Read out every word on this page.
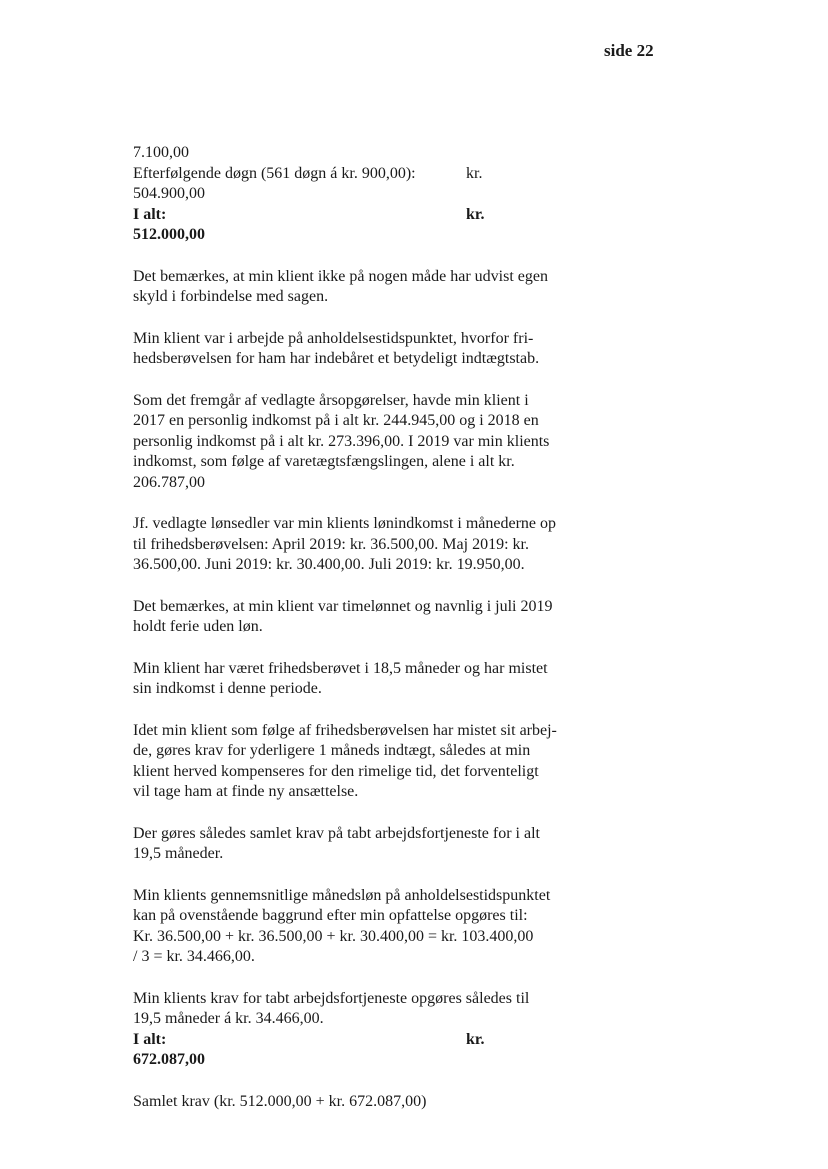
side 22
7.100,00
Efterfølgende døgn (561 døgn á kr. 900,00):	kr.
504.900,00
I alt:	kr.
512.000,00
Det bemærkes, at min klient ikke på nogen måde har udvist egen
skyld i forbindelse med sagen.
Min klient var i arbejde på anholdelsestidspunktet, hvorfor fri-
hedsberøvelsen for ham har indebåret et betydeligt indtægtstab.
Som det fremgår af vedlagte årsopgørelser, havde min klient i
2017 en personlig indkomst på i alt kr. 244.945,00 og i 2018 en
personlig indkomst på i alt kr. 273.396,00. I 2019 var min klients
indkomst, som følge af varetægtsfængslingen, alene i alt kr.
206.787,00
Jf. vedlagte lønsedler var min klients lønindkomst i månederne op
til frihedsberøvelsen: April 2019: kr. 36.500,00. Maj 2019: kr.
36.500,00. Juni 2019: kr. 30.400,00. Juli 2019: kr. 19.950,00.
Det bemærkes, at min klient var timelønnet og navnlig i juli 2019
holdt ferie uden løn.
Min klient har været frihedsberøvet i 18,5 måneder og har mistet
sin indkomst i denne periode.
Idet min klient som følge af frihedsberøvelsen har mistet sit arbej-
de, gøres krav for yderligere 1 måneds indtægt, således at min
klient herved kompenseres for den rimelige tid, det forventeligt
vil tage ham at finde ny ansættelse.
Der gøres således samlet krav på tabt arbejdsfortjeneste for i alt
19,5 måneder.
Min klients gennemsnitlige månedsløn på anholdelsestidspunktet
kan på ovenstående baggrund efter min opfattelse opgøres til:
Kr. 36.500,00 + kr. 36.500,00 + kr. 30.400,00 = kr. 103.400,00
/ 3 = kr. 34.466,00.
Min klients krav for tabt arbejdsfortjeneste opgøres således til
19,5 måneder á kr. 34.466,00.
I alt:	kr.
672.087,00
Samlet krav (kr. 512.000,00 + kr. 672.087,00)
